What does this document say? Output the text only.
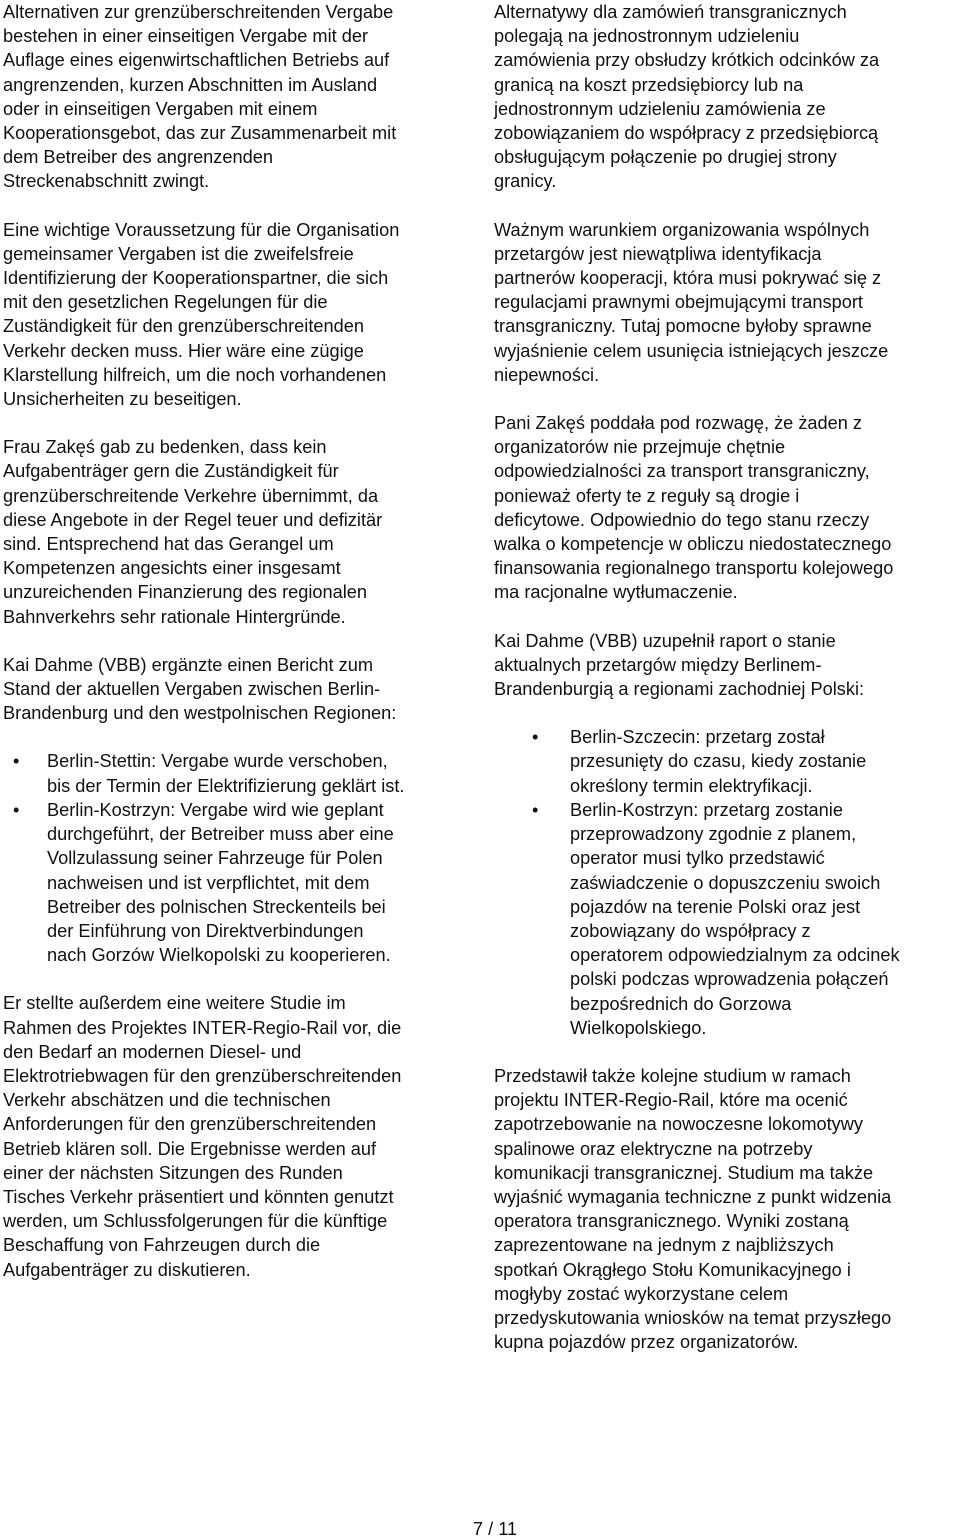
Alternativen zur grenzüberschreitenden Vergabe
bestehen in einer einseitigen Vergabe mit der
Auflage eines eigenwirtschaftlichen Betriebs auf
angrenzenden, kurzen Abschnitten im Ausland
oder in einseitigen Vergaben mit einem
Kooperationsgebot, das zur Zusammenarbeit mit
dem Betreiber des angrenzenden
Streckenabschnitt zwingt.

Eine wichtige Voraussetzung für die Organisation
gemeinsamer Vergaben ist die zweifelsfreie
Identifizierung der Kooperationspartner, die sich
mit den gesetzlichen Regelungen für die
Zuständigkeit für den grenzüberschreitenden
Verkehr decken muss. Hier wäre eine zügige
Klarstellung hilfreich, um die noch vorhandenen
Unsicherheiten zu beseitigen.

Frau Zakęś gab zu bedenken, dass kein
Aufgabenträger gern die Zuständigkeit für
grenzüberschreitende Verkehre übernimmt, da
diese Angebote in der Regel teuer und defizitär
sind. Entsprechend hat das Gerangel um
Kompetenzen angesichts einer insgesamt
unzureichenden Finanzierung des regionalen
Bahnverkehrs sehr rationale Hintergründe.

Kai Dahme (VBB) ergänzte einen Bericht zum
Stand der aktuellen Vergaben zwischen Berlin-
Brandenburg und den westpolnischen Regionen:

• Berlin-Stettin: Vergabe wurde verschoben,
bis der Termin der Elektrifizierung geklärt ist.
• Berlin-Kostrzyn: Vergabe wird wie geplant
durchgeführt, der Betreiber muss aber eine
Vollzulassung seiner Fahrzeuge für Polen
nachweisen und ist verpflichtet, mit dem
Betreiber des polnischen Streckenteils bei
der Einführung von Direktverbindungen
nach Gorzów Wielkopolski zu kooperieren.

Er stellte außerdem eine weitere Studie im
Rahmen des Projektes INTER-Regio-Rail vor, die
den Bedarf an modernen Diesel- und
Elektrotriebwagen für den grenzüberschreitenden
Verkehr abschätzen und die technischen
Anforderungen für den grenzüberschreitenden
Betrieb klären soll. Die Ergebnisse werden auf
einer der nächsten Sitzungen des Runden
Tisches Verkehr präsentiert und könnten genutzt
werden, um Schlussfolgerungen für die künftige
Beschaffung von Fahrzeugen durch die
Aufgabenträger zu diskutieren.

Alternatywy dla zamówień transgranicznych
polegają na jednostronnym udzieleniu
zamówienia przy obsłudzy krótkich odcinków za
granicą na koszt przedsiębiorcy lub na
jednostronnym udzieleniu zamówienia ze
zobowiązaniem do współpracy z przedsiębiorcą
obsługującym połączenie po drugiej strony
granicy.

Ważnym warunkiem organizowania wspólnych
przetargów jest niewątpliwa identyfikacja
partnerów kooperacji, która musi pokrywać się z
regulacjami prawnymi obejmującymi transport
transgraniczny. Tutaj pomocne byłoby sprawne
wyjaśnienie celem usunięcia istniejących jeszcze
niepewności.

Pani Zakęś poddała pod rozwagę, że żaden z
organizatorów nie przejmuje chętnie
odpowiedzialności za transport transgraniczny,
ponieważ oferty te z reguły są drogie i
deficytowe. Odpowiednio do tego stanu rzeczy
walka o kompetencje w obliczu niedostatecznego
finansowania regionalnego transportu kolejowego
ma racjonalne wytłumaczenie.

Kai Dahme (VBB) uzupełnił raport o stanie
aktualnych przetargów między Berlinem-
Brandenburgią a regionami zachodniej Polski:

• Berlin-Szczecin: przetarg został
przesunięty do czasu, kiedy zostanie
określony termin elektryfikacji.
• Berlin-Kostrzyn: przetarg zostanie
przeprowadzony zgodnie z planem,
operator musi tylko przedstawić
zaświadczenie o dopuszczeniu swoich
pojazdów na terenie Polski oraz jest
zobowiązany do współpracy z
operatorem odpowiedzialnym za odcinek
polski podczas wprowadzenia połączeń
bezpośrednich do Gorzowa
Wielkopolskiego.

Przedstawił także kolejne studium w ramach
projektu INTER-Regio-Rail, które ma ocenić
zapotrzebowanie na nowoczesne lokomotywy
spalinowe oraz elektryczne na potrzeby
komunikacji transgranicznej. Studium ma także
wyjaśnić wymagania techniczne z punkt widzenia
operatora transgranicznego. Wyniki zostaną
zaprezentowane na jednym z najbliższych
spotkań Okrągłego Stołu Komunikacyjnego i
mogłyby zostać wykorzystane celem
przedyskutowania wniosków na temat przyszłego
kupna pojazdów przez organizatorów.

7 / 11
